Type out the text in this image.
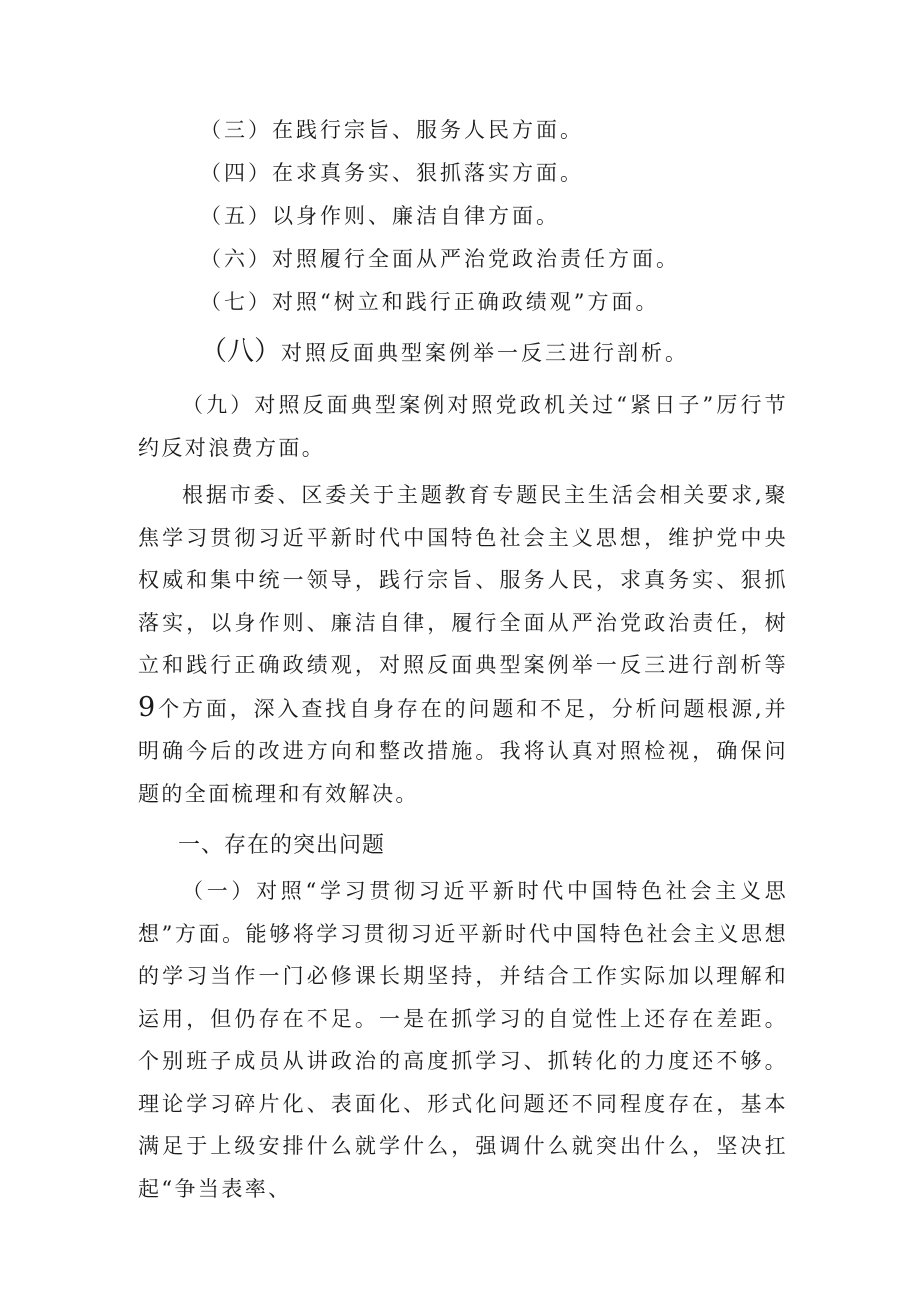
（三）在践行宗旨、服务人民方面。
（四）在求真务实、狠抓落实方面。
（五）以身作则、廉洁自律方面。
（六）对照履行全面从严治党政治责任方面。
（七）对照“树立和践行正确政绩观”方面。
（八）对照反面典型案例举一反三进行剖析。
（九）对照反面典型案例对照党政机关过“紧日子”厉行节约反对浪费方面。
根据市委、区委关于主题教育专题民主生活会相关要求,聚焦学习贯彻习近平新时代中国特色社会主义思想，维护党中央权威和集中统一领导，践行宗旨、服务人民，求真务实、狠抓落实，以身作则、廉洁自律，履行全面从严治党政治责任，树立和践行正确政绩观，对照反面典型案例举一反三进行剖析等9个方面，深入查找自身存在的问题和不足，分析问题根源,并明确今后的改进方向和整改措施。我将认真对照检视，确保问题的全面梳理和有效解决。
一、存在的突出问题
（一）对照“学习贯彻习近平新时代中国特色社会主义思想”方面。能够将学习贯彻习近平新时代中国特色社会主义思想的学习当作一门必修课长期坚持，并结合工作实际加以理解和运用，但仍存在不足。一是在抓学习的自觉性上还存在差距。个别班子成员从讲政治的高度抓学习、抓转化的力度还不够。理论学习碎片化、表面化、形式化问题还不同程度存在，基本满足于上级安排什么就学什么，强调什么就突出什么，坚决扛起“争当表率、
